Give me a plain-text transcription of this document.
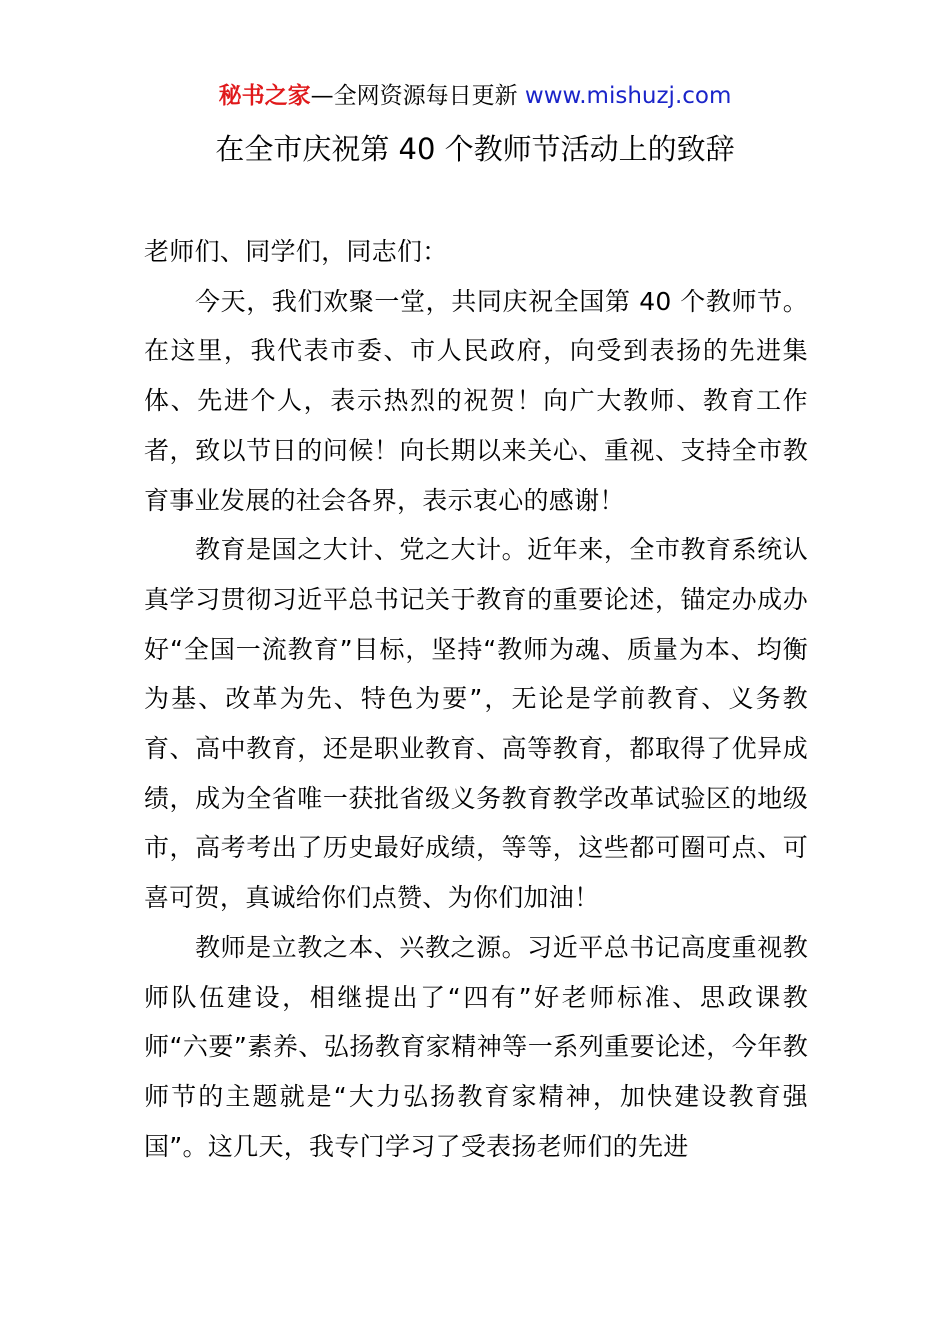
秘书之家—全网资源每日更新 www.mishuzj.com
在全市庆祝第 40 个教师节活动上的致辞

老师们、同学们，同志们：

今天，我们欢聚一堂，共同庆祝全国第 40 个教师节。在这里，我代表市委、市人民政府，向受到表扬的先进集体、先进个人，表示热烈的祝贺！向广大教师、教育工作者，致以节日的问候！向长期以来关心、重视、支持全市教育事业发展的社会各界，表示衷心的感谢！

教育是国之大计、党之大计。近年来，全市教育系统认真学习贯彻习近平总书记关于教育的重要论述，锚定办成办好“全国一流教育”目标，坚持“教师为魂、质量为本、均衡为基、改革为先、特色为要”，无论是学前教育、义务教育、高中教育，还是职业教育、高等教育，都取得了优异成绩，成为全省唯一获批省级义务教育教学改革试验区的地级市，高考考出了历史最好成绩，等等，这些都可圈可点、可喜可贺，真诚给你们点赞、为你们加油！

教师是立教之本、兴教之源。习近平总书记高度重视教师队伍建设，相继提出了“四有”好老师标准、思政课教师“六要”素养、弘扬教育家精神等一系列重要论述，今年教师节的主题就是“大力弘扬教育家精神，加快建设教育强国”。这几天，我专门学习了受表扬老师们的先进
